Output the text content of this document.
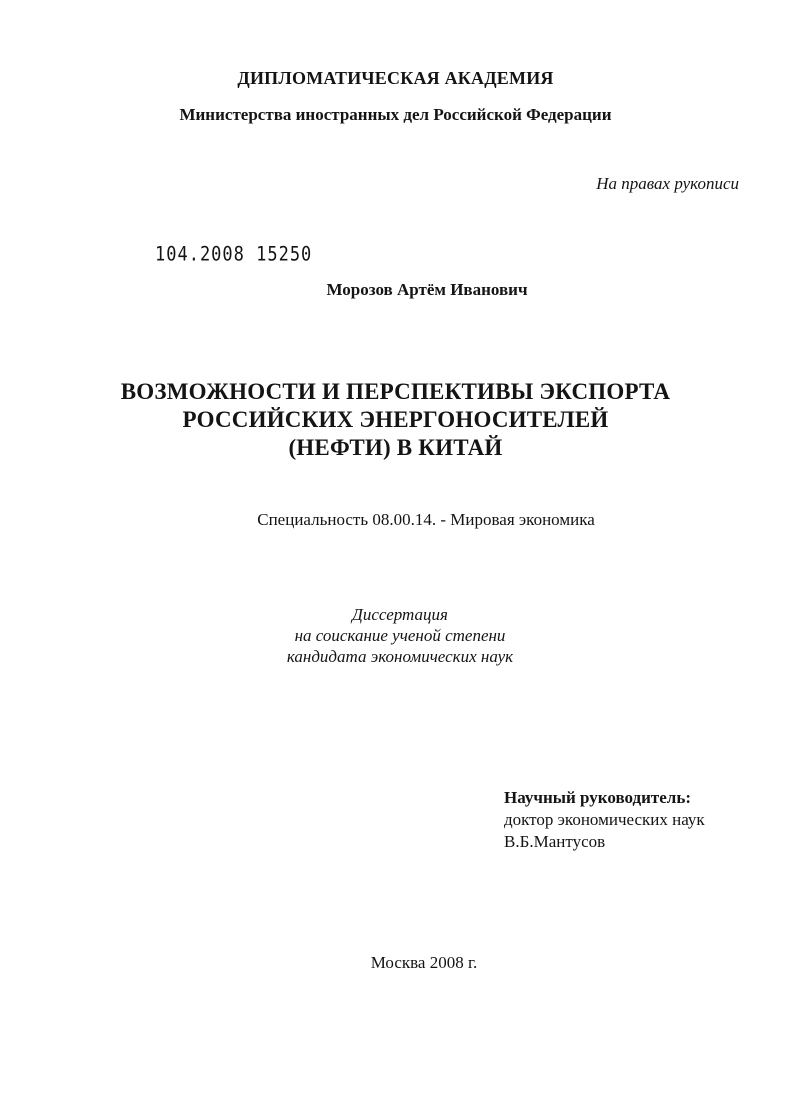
ДИПЛОМАТИЧЕСКАЯ АКАДЕМИЯ
Министерства иностранных дел Российской Федерации
На правах рукописи
104.2008 15250
Морозов Артём Иванович
ВОЗМОЖНОСТИ И ПЕРСПЕКТИВЫ ЭКСПОРТА
РОССИЙСКИХ ЭНЕРГОНОСИТЕЛЕЙ
(НЕФТИ) В КИТАЙ
Специальность 08.00.14. - Мировая экономика
Диссертация
на соискание ученой степени
кандидата экономических наук
Научный руководитель:
доктор экономических наук
В.Б.Мантусов
Москва 2008 г.
